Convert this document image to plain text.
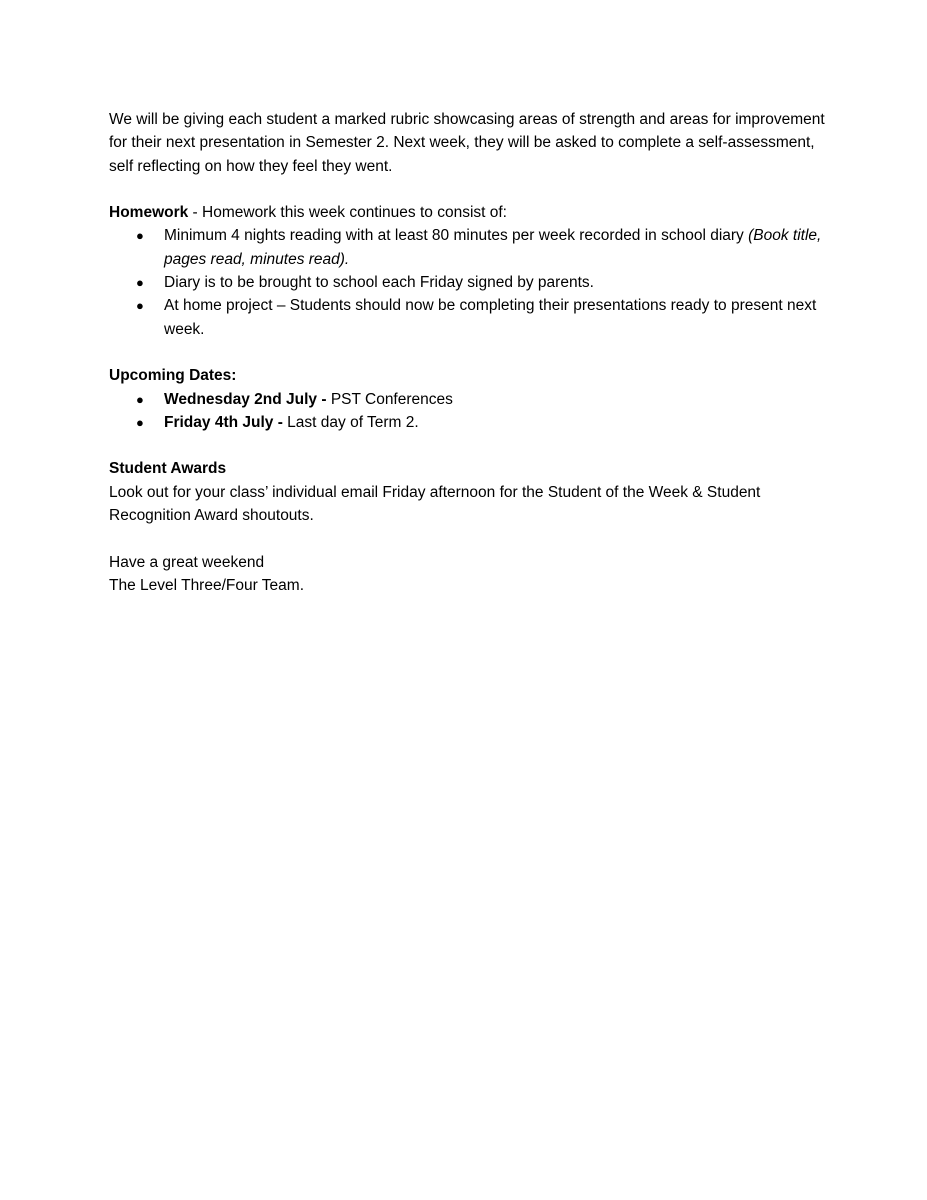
We will be giving each student a marked rubric showcasing areas of strength and areas for improvement for their next presentation in Semester 2. Next week, they will be asked to complete a self-assessment, self reflecting on how they feel they went.

Homework - Homework this week continues to consist of:

● Minimum 4 nights reading with at least 80 minutes per week recorded in school diary (Book title, pages read, minutes read).
● Diary is to be brought to school each Friday signed by parents.
● At home project – Students should now be completing their presentations ready to present next week.

Upcoming Dates:

● Wednesday 2nd July - PST Conferences
● Friday 4th July - Last day of Term 2.

Student Awards

Look out for your class’ individual email Friday afternoon for the Student of the Week & Student Recognition Award shoutouts.

Have a great weekend

The Level Three/Four Team.
